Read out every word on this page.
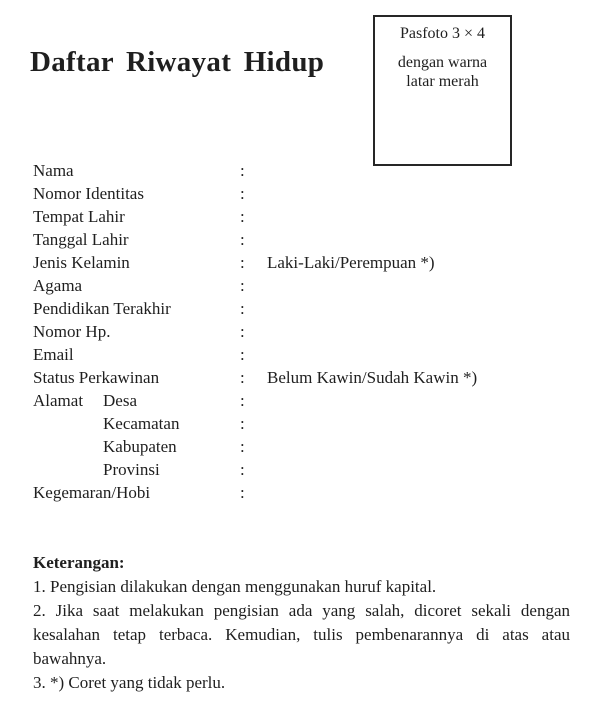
Daftar Riwayat Hidup
Pasfoto 3 × 4
dengan warna
latar merah
Nama	:
Nomor Identitas	:
Tempat Lahir	:
Tanggal Lahir	:
Jenis Kelamin	:	Laki-Laki/Perempuan *)
Agama	:
Pendidikan Terakhir	:
Nomor Hp.	:
Email	:
Status Perkawinan	:	Belum Kawin/Sudah Kawin *)
Alamat	Desa	:
Kecamatan	:
Kabupaten	:
Provinsi	:
Kegemaran/Hobi	:
Keterangan:

1. Pengisian dilakukan dengan menggunakan huruf kapital.

2. Jika saat melakukan pengisian ada yang salah, dicoret sekali dengan kesalahan tetap terbaca. Kemudian, tulis pembenarannya di atas atau bawahnya.

3. *) Coret yang tidak perlu.
